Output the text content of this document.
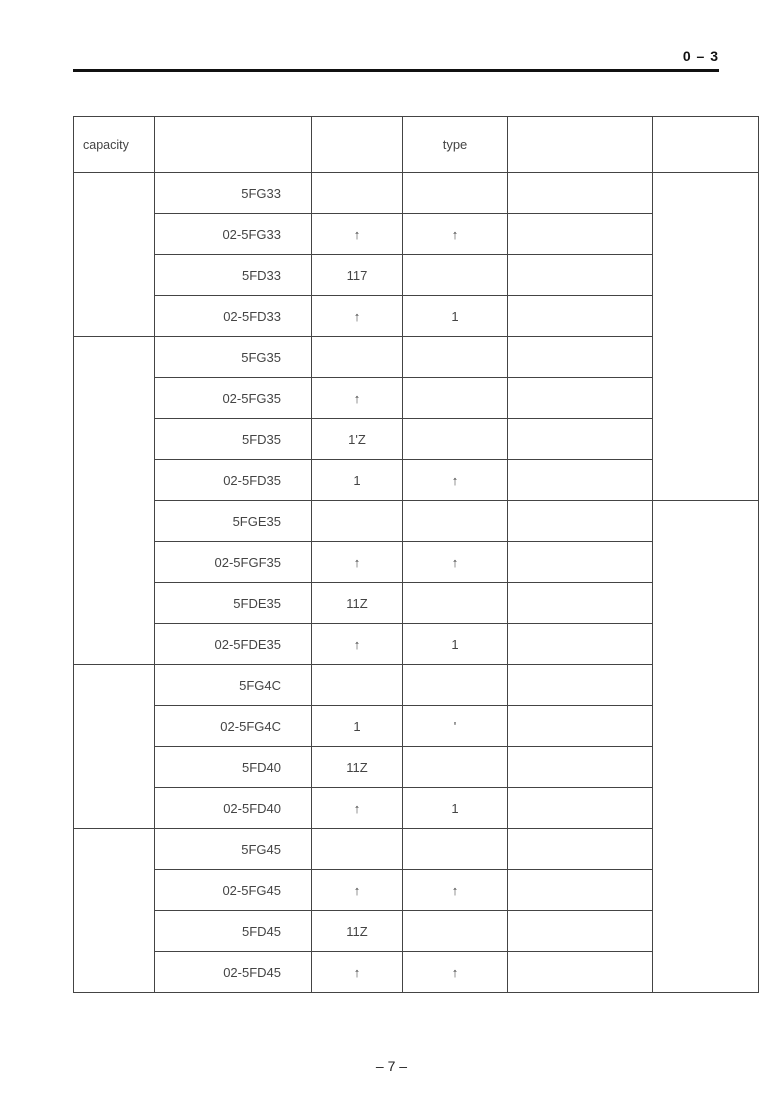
0 – 3
capacity			type		
	5FG33				
	02-5FG33	↑	↑		
	5FD33	117			
	02-5FD33	↑	1		
	5FG35				
	02-5FG35	↑			
	5FD35	1'Z			
	02-5FD35	1	↑		
	5FGE35				
	02-5FGF35	↑	↑		
	5FDE35	11Z			
	02-5FDE35	↑	1		
	5FG4C				
	02-5FG4C	1	'		
	5FD40	11Z			
	02-5FD40	↑	1		
	5FG45				
	02-5FG45	↑	↑		
	5FD45	11Z			
	02-5FD45	↑	↑		
– 7 –
